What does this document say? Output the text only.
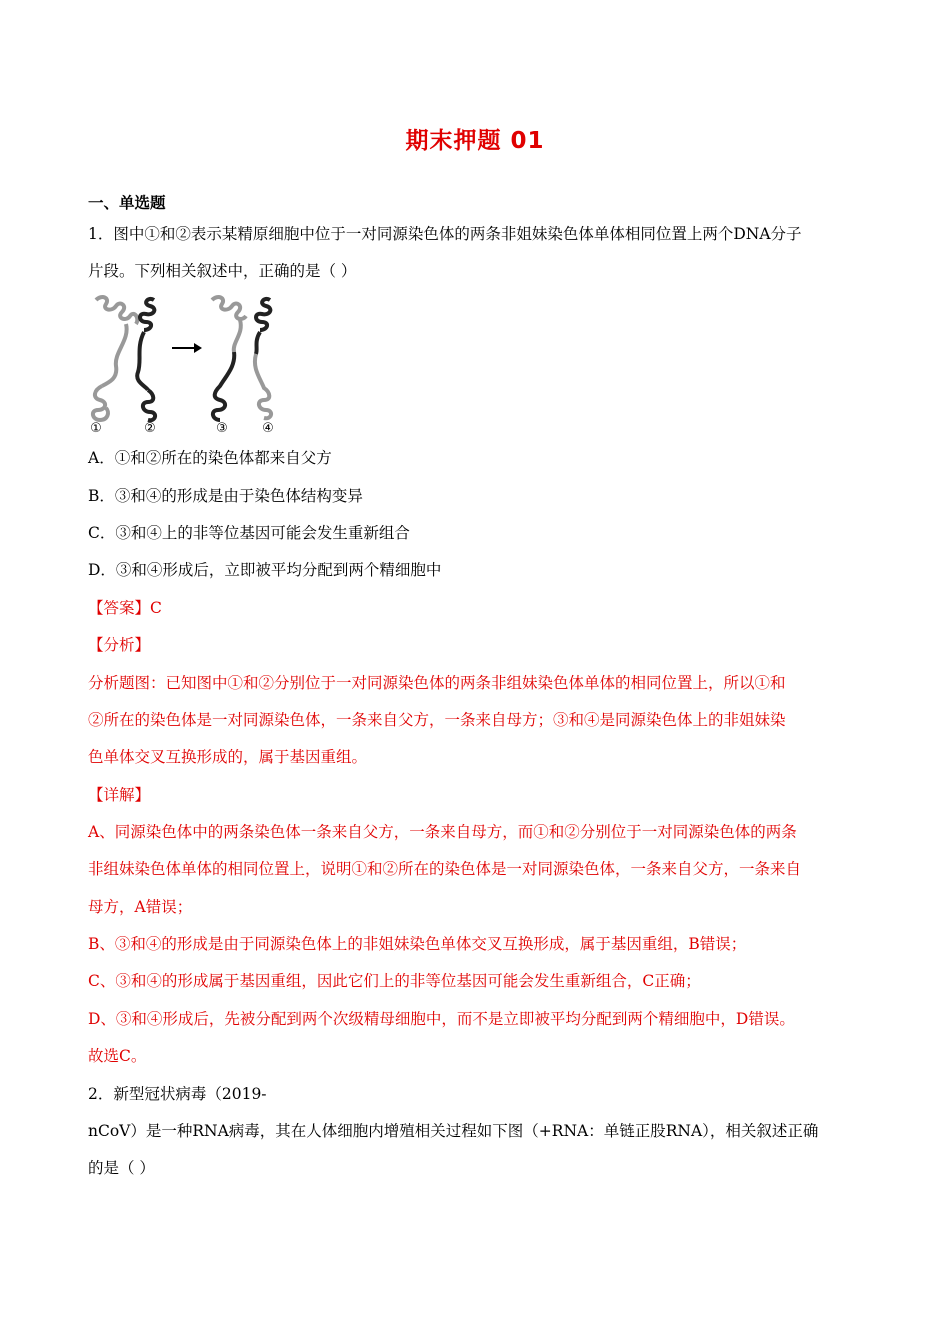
期末押题 01
一、单选题
1．图中①和②表示某精原细胞中位于一对同源染色体的两条非姐妹染色体单体相同位置上两个DNA分子
片段。下列相关叙述中，正确的是（ ）
①	②	③	④
A．①和②所在的染色体都来自父方
B．③和④的形成是由于染色体结构变异
C．③和④上的非等位基因可能会发生重新组合
D．③和④形成后，立即被平均分配到两个精细胞中
【答案】C
【分析】
分析题图：已知图中①和②分别位于一对同源染色体的两条非组妹染色体单体的相同位置上，所以①和
②所在的染色体是一对同源染色体，一条来自父方，一条来自母方；③和④是同源染色体上的非姐妹染
色单体交叉互换形成的，属于基因重组。
【详解】
A、同源染色体中的两条染色体一条来自父方，一条来自母方，而①和②分别位于一对同源染色体的两条
非组妹染色体单体的相同位置上，说明①和②所在的染色体是一对同源染色体，一条来自父方，一条来自
母方，A错误；
B、③和④的形成是由于同源染色体上的非姐妹染色单体交叉互换形成，属于基因重组，B错误；
C、③和④的形成属于基因重组，因此它们上的非等位基因可能会发生重新组合，C正确；
D、③和④形成后，先被分配到两个次级精母细胞中，而不是立即被平均分配到两个精细胞中，D错误。
故选C。
2．新型冠状病毒（2019-
nCoV）是一种RNA病毒，其在人体细胞内增殖相关过程如下图（+RNA：单链正股RNA），相关叙述正确
的是（ ）
